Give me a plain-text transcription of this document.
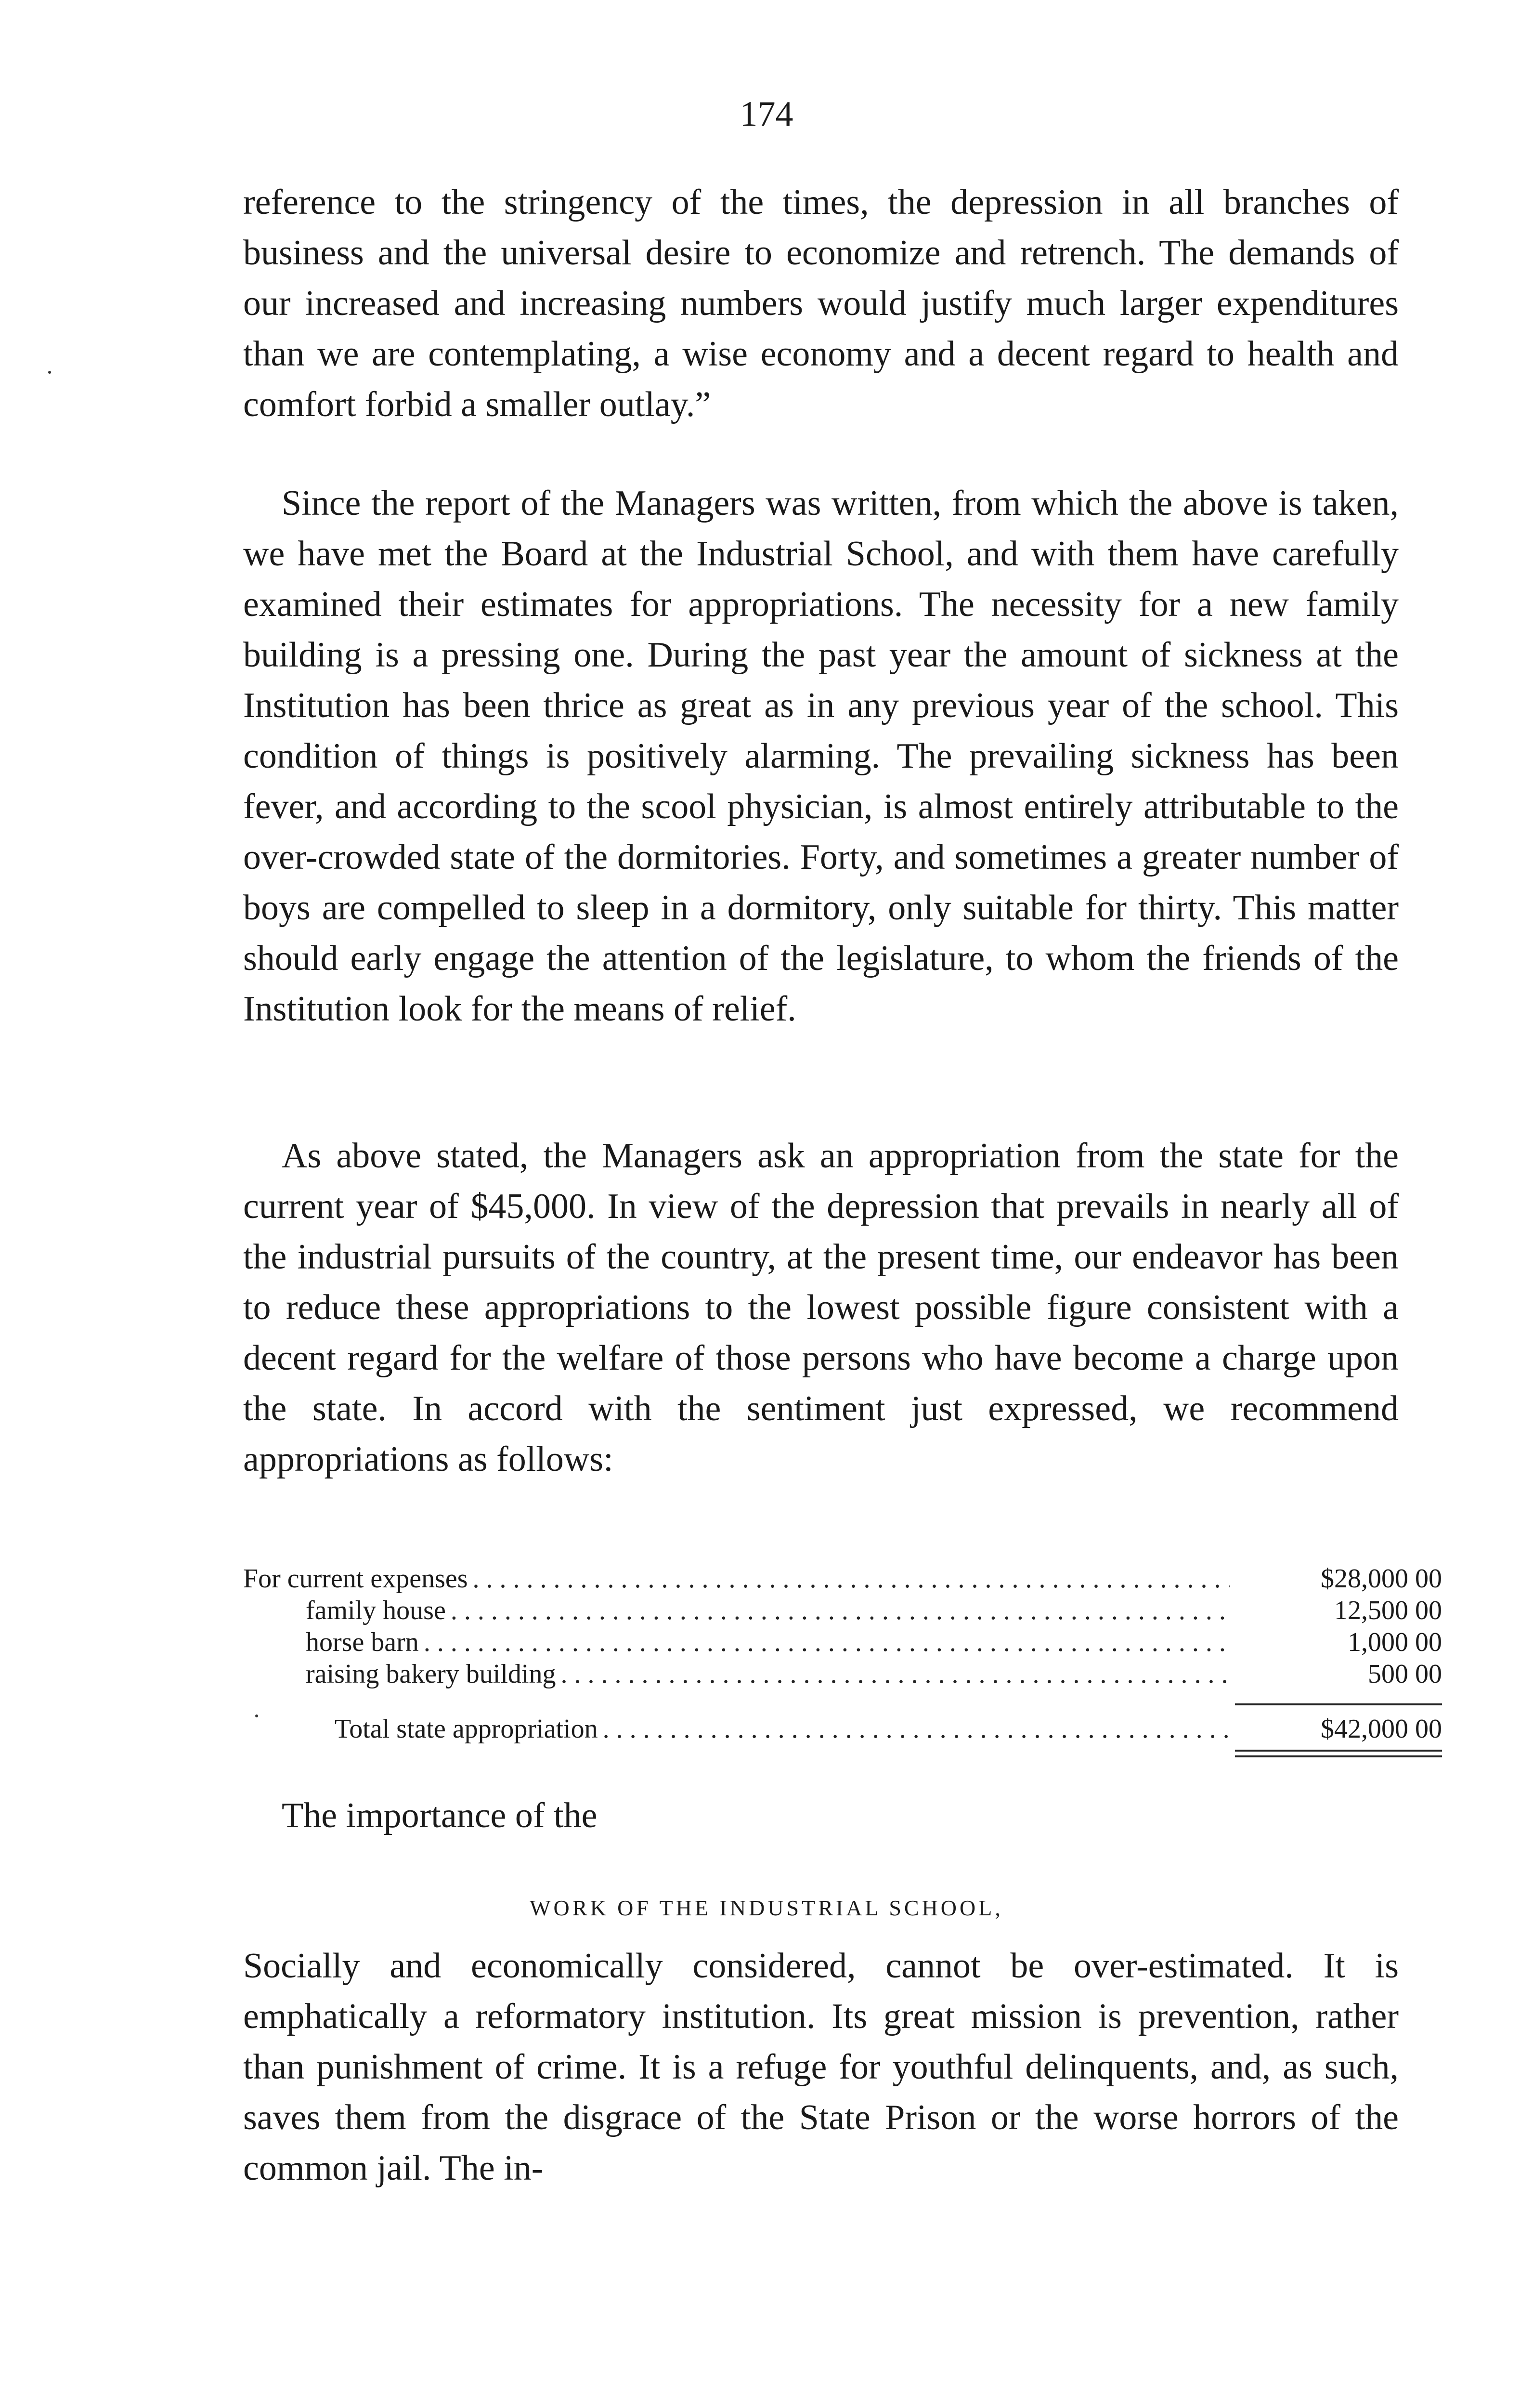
174

reference to the stringency of the times, the depression in all branches of business and the universal desire to economize and retrench. The demands of our increased and increasing numbers would justify much larger expenditures than we are contemplating, a wise economy and a decent regard to health and comfort forbid a smaller outlay.”

Since the report of the Managers was written, from which the above is taken, we have met the Board at the Industrial School, and with them have carefully examined their estimates for appropriations. The necessity for a new family building is a pressing one. During the past year the amount of sickness at the Institution has been thrice as great as in any previous year of the school. This condition of things is positively alarming. The prevailing sickness has been fever, and according to the scool physician, is almost entirely attributable to the over-crowded state of the dormitories. Forty, and sometimes a greater number of boys are compelled to sleep in a dormitory, only suitable for thirty. This matter should early engage the attention of the legislature, to whom the friends of the Institution look for the means of relief.

As above stated, the Managers ask an appropriation from the state for the current year of $45,000. In view of the depression that prevails in nearly all of the industrial pursuits of the country, at the present time, our endeavor has been to reduce these appropriations to the lowest possible figure consistent with a decent regard for the welfare of those persons who have become a charge upon the state. In accord with the sentiment just expressed, we recommend appropriations as follows:

For current expenses . . .	$28,000 00
family house . . .	12,500 00
horse barn . . .	1,000 00
raising bakery building . . .	500 00
Total state appropriation . . .	$42,000 00
The importance of the
WORK OF THE INDUSTRIAL SCHOOL,

Socially and economically considered, cannot be over-estimated. It is emphatically a reformatory institution. Its great mission is prevention, rather than punishment of crime. It is a refuge for youthful delinquents, and, as such, saves them from the disgrace of the State Prison or the worse horrors of the common jail. The in-
